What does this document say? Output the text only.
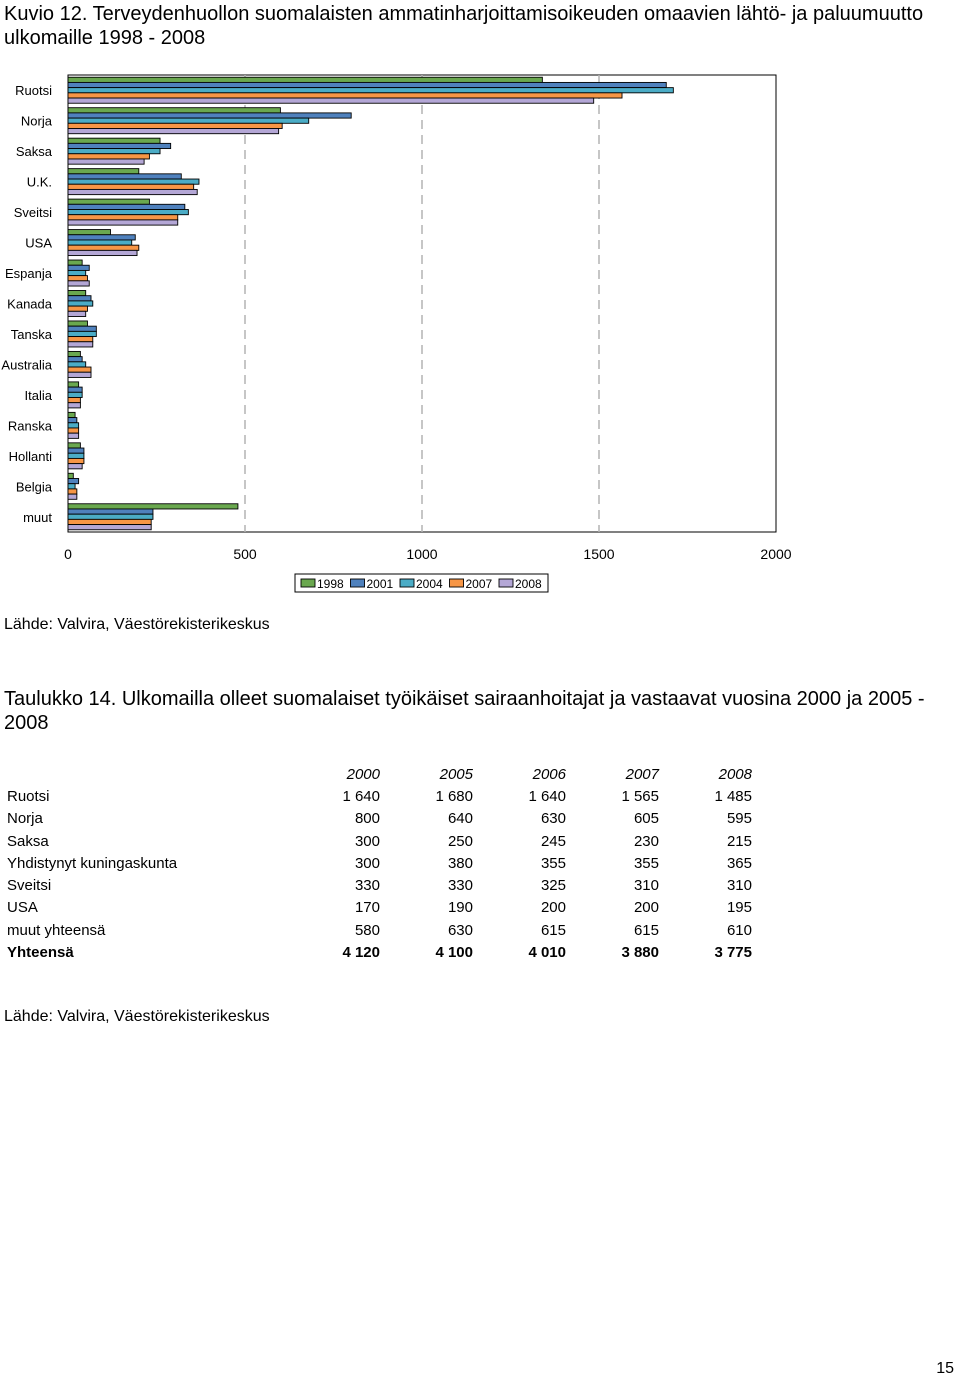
Kuvio 12. Terveydenhuollon suomalaisten ammatinharjoittamisoikeuden omaavien lähtö- ja paluumuutto ulkomaille 1998 - 2008
0	500	1000	1500	2000
Ruotsi
Norja
Saksa
U.K.
Sveitsi
USA
Espanja
Kanada
Tanska
Australia
Italia
Ranska
Hollanti
Belgia
muut
1998 2001 2004 2007 2008
Lähde: Valvira, Väestörekisterikeskus
Taulukko 14. Ulkomailla olleet suomalaiset työikäiset sairaanhoitajat ja vastaavat vuosina 2000 ja 2005 - 2008
	2000	2005	2006	2007	2008
Ruotsi	1 640	1 680	1 640	1 565	1 485
Norja	800	640	630	605	595
Saksa	300	250	245	230	215
Yhdistynyt kuningaskunta	300	380	355	355	365
Sveitsi	330	330	325	310	310
USA	170	190	200	200	195
muut yhteensä	580	630	615	615	610
Yhteensä	4 120	4 100	4 010	3 880	3 775
Lähde: Valvira, Väestörekisterikeskus
15
